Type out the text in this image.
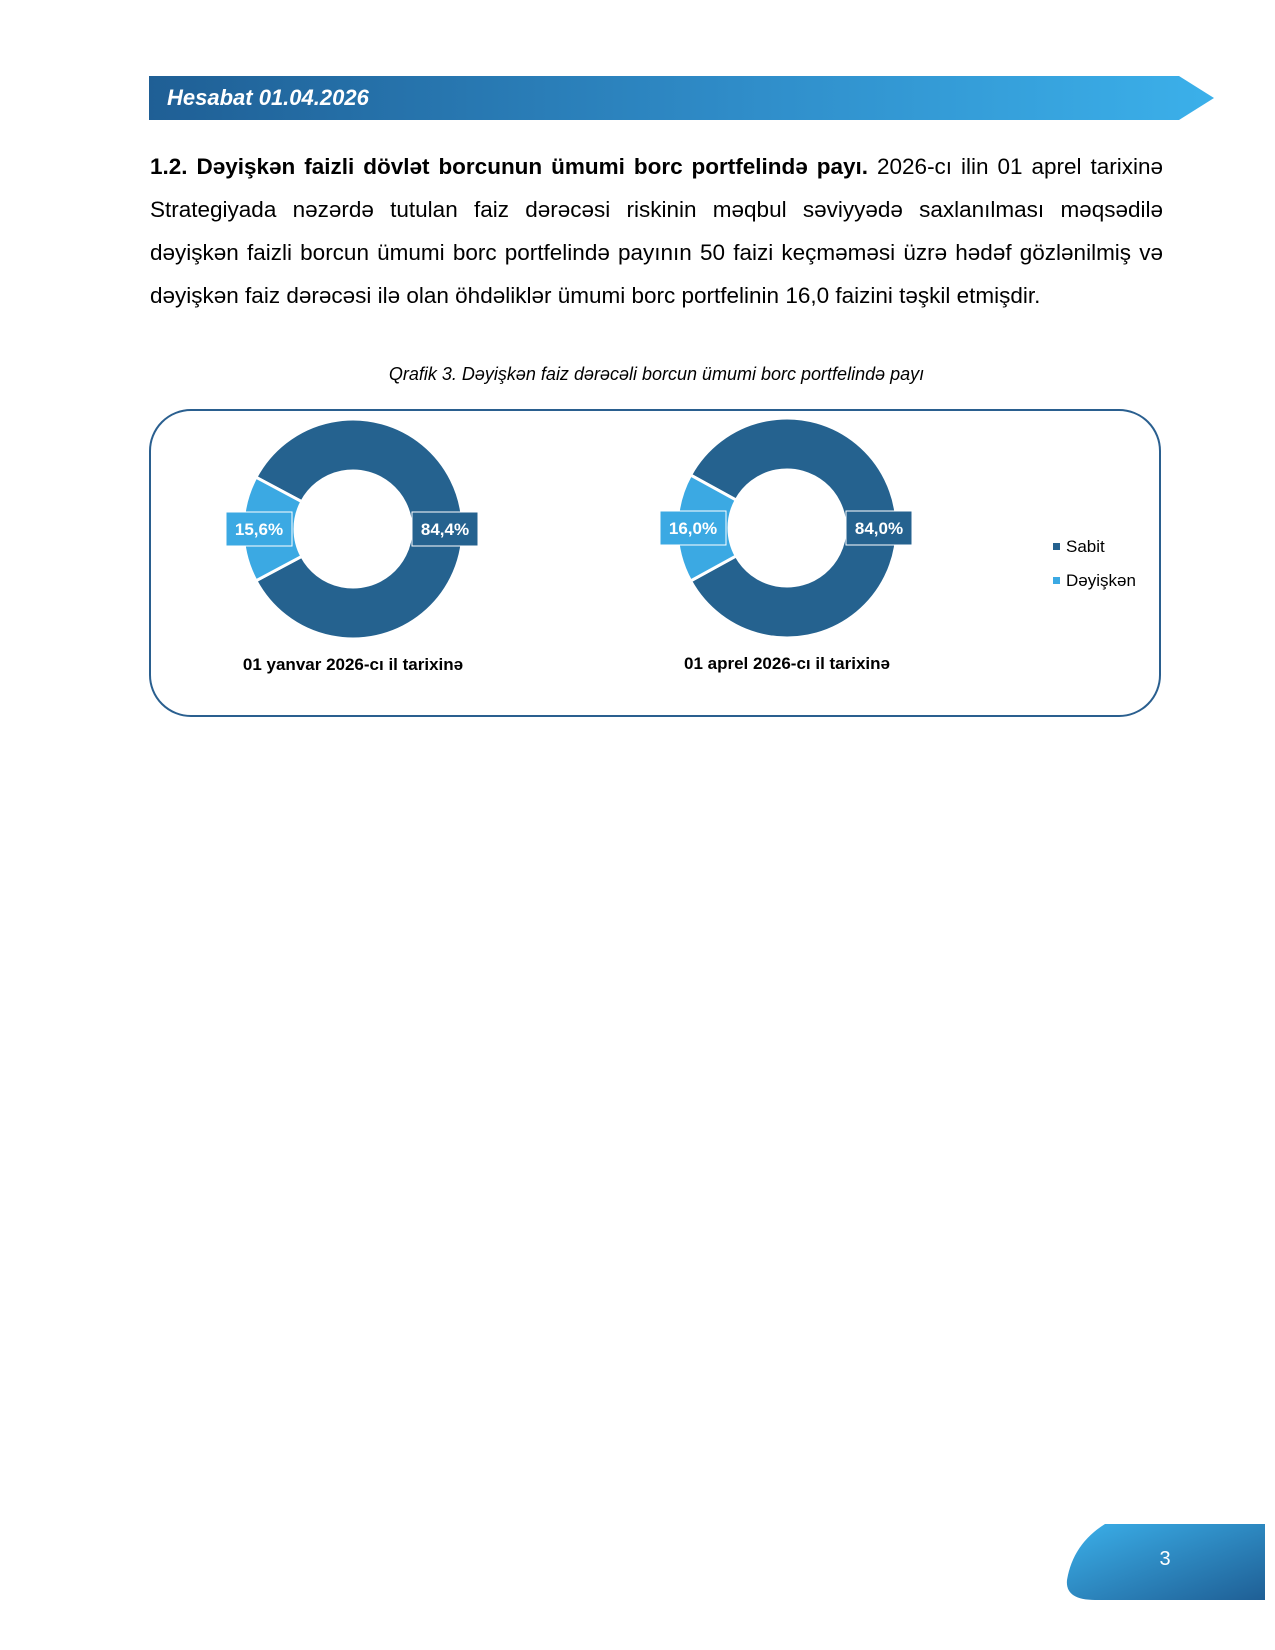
Hesabat 01.04.2026
1.2. Dəyişkən faizli dövlət borcunun ümumi borc portfelində payı. 2026-cı ilin 01 aprel tarixinə Strategiyada nəzərdə tutulan faiz dərəcəsi riskinin məqbul səviyyədə saxlanılması məqsədilə dəyişkən faizli borcun ümumi borc portfelində payının 50 faizi keçməməsi üzrə hədəf gözlənilmiş və dəyişkən faiz dərəcəsi ilə olan öhdəliklər ümumi borc portfelinin 16,0 faizini təşkil etmişdir.
Qrafik 3. Dəyişkən faiz dərəcəli borcun ümumi borc portfelində payı
15,6%	84,4%
01 yanvar 2026-cı il tarixinə
16,0%	84,0%
01 aprel 2026-cı il tarixinə
Sabit
Dəyişkən
3
